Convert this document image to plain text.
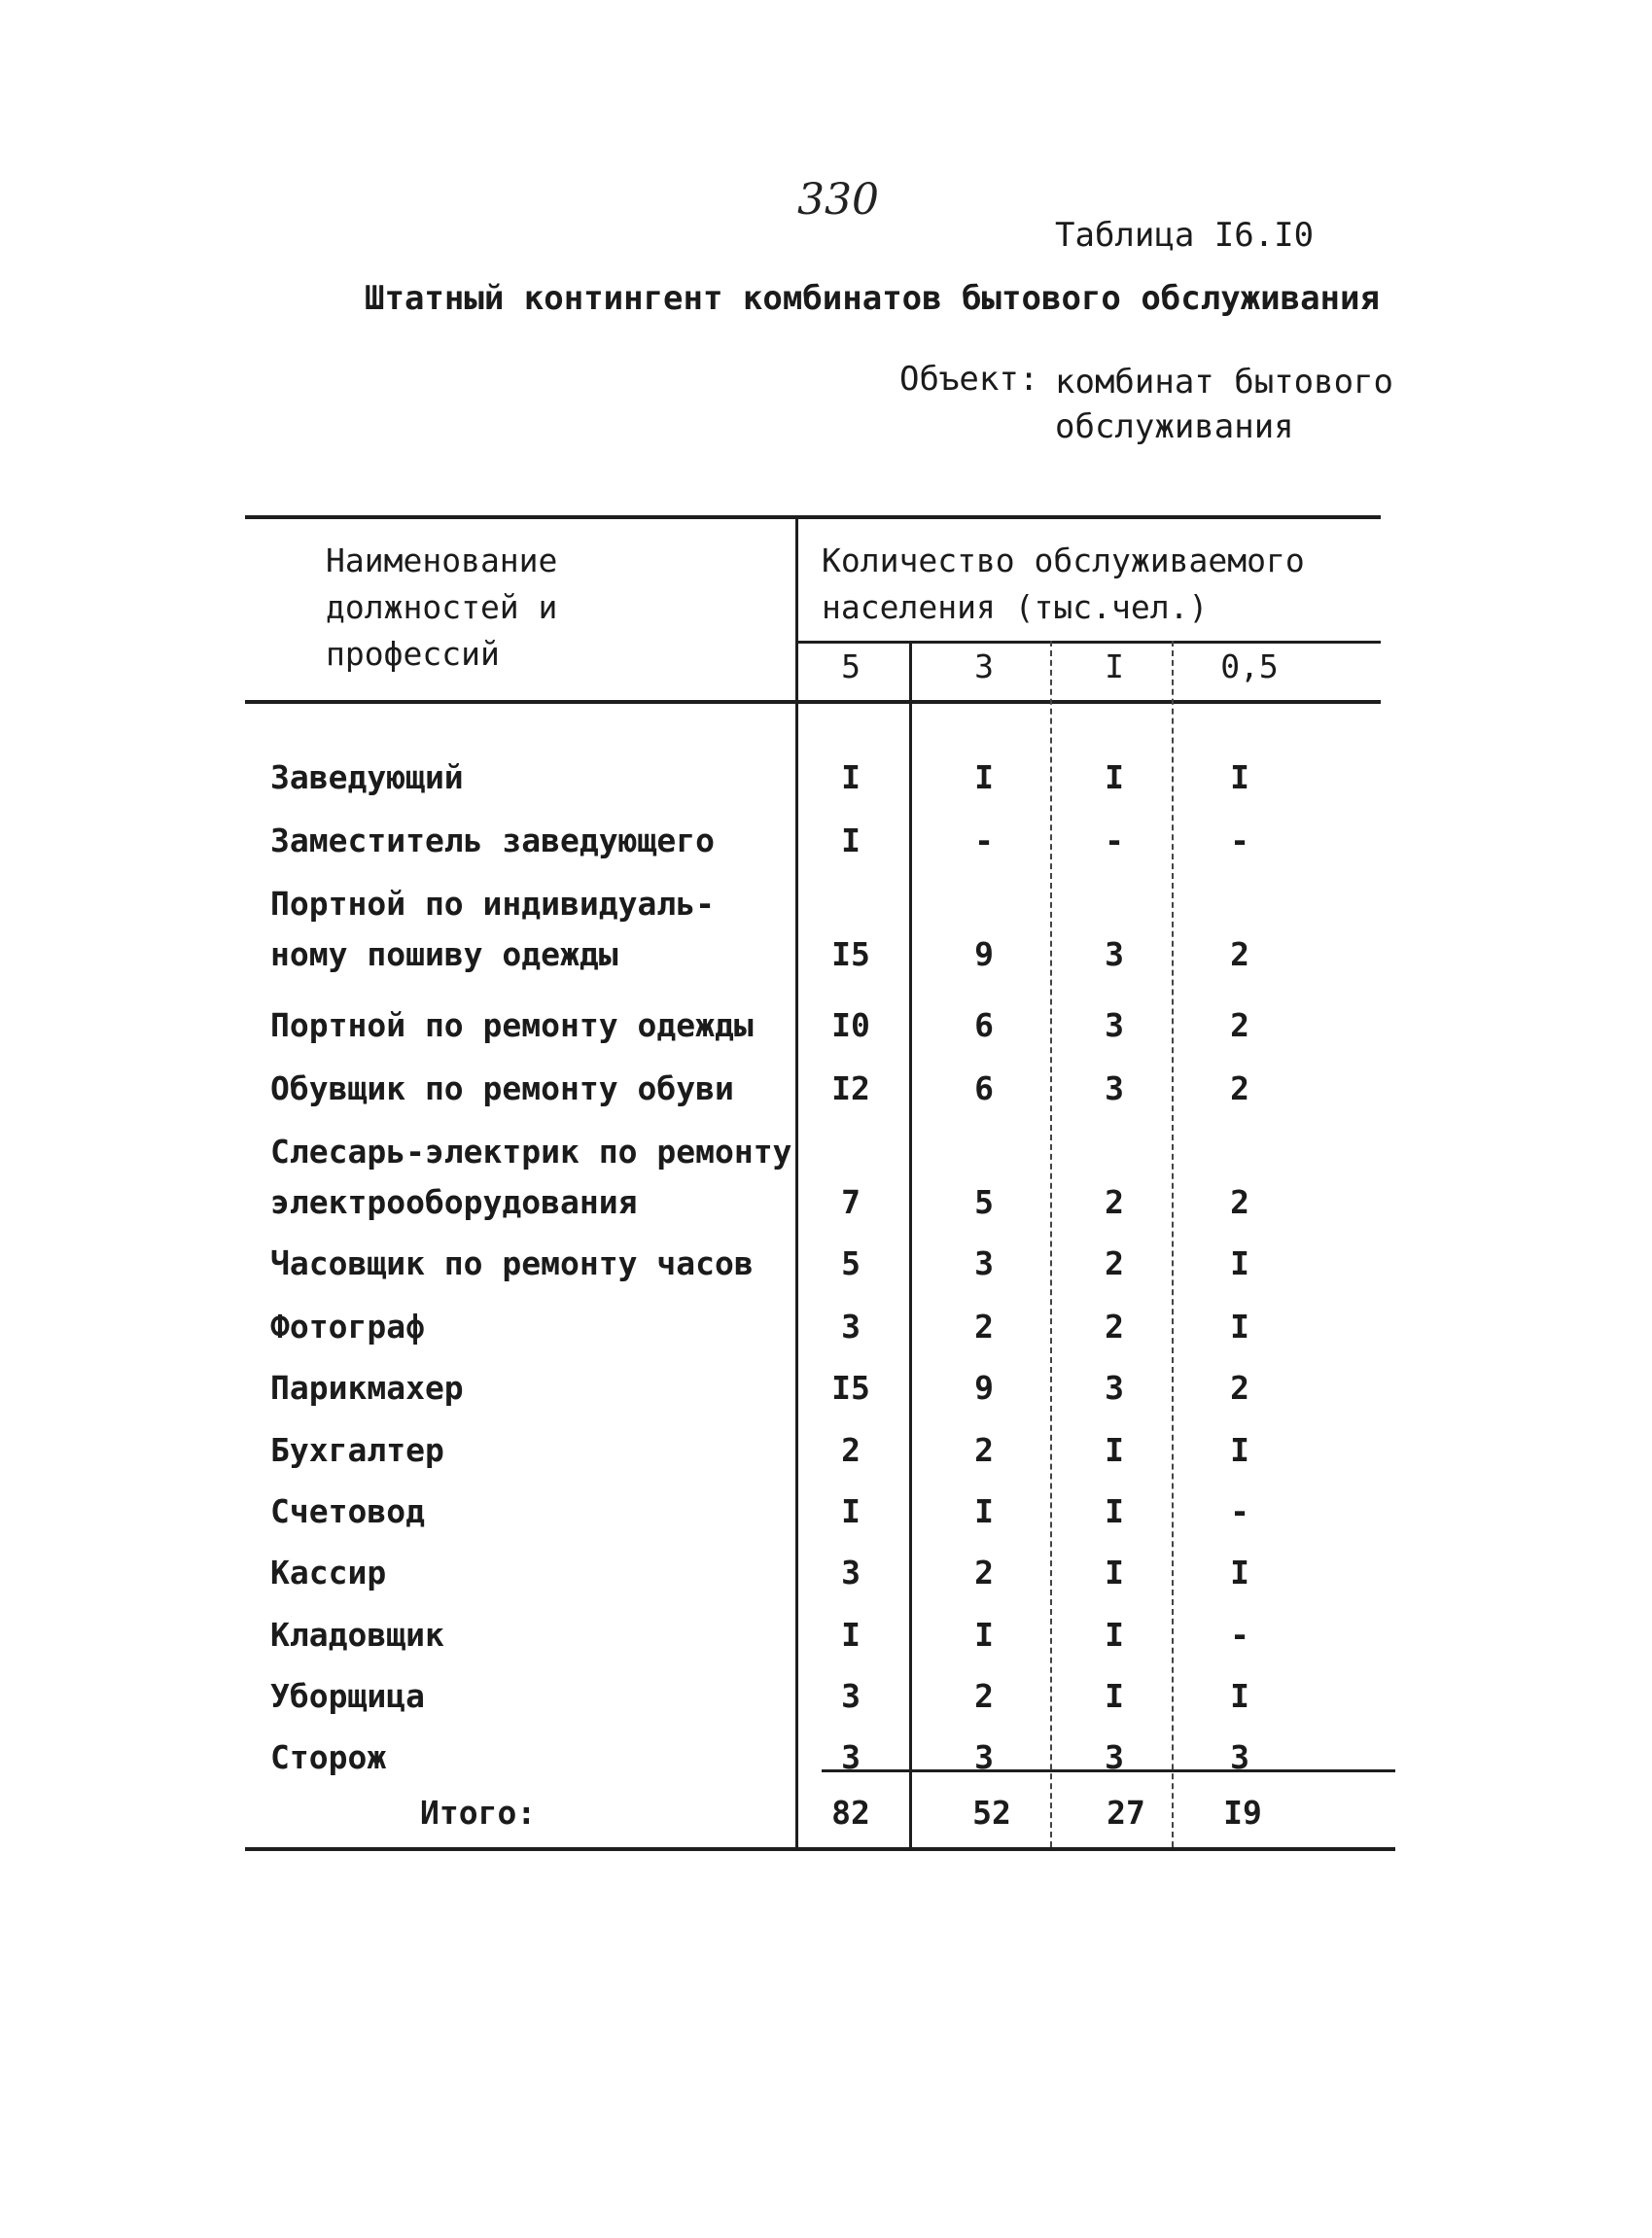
330
Таблица I6.I0
Штатный контингент комбинатов бытового обслуживания
Объект: комбинат бытового
обслуживания
Наименование
должностей и
профессий
Количество обслуживаемого
населения (тыс.чел.)
5	3	I	0,5
Заведующий	I	I	I	I
Заместитель заведующего	I	-	-	-
Портной по индивидуаль-
ному пошиву одежды	I5	9	3	2
Портной по ремонту одежды	I0	6	3	2
Обувщик по ремонту обуви	I2	6	3	2
Слесарь-электрик по ремонту
электрооборудования	7	5	2	2
Часовщик по ремонту часов	5	3	2	I
Фотограф	3	2	2	I
Парикмахер	I5	9	3	2
Бухгалтер	2	2	I	I
Счетовод	I	I	I	-
Кассир	3	2	I	I
Кладовщик	I	I	I	-
Уборщица	3	2	I	I
Сторож	3	3	3	3
Итого:	82	52	27	I9
